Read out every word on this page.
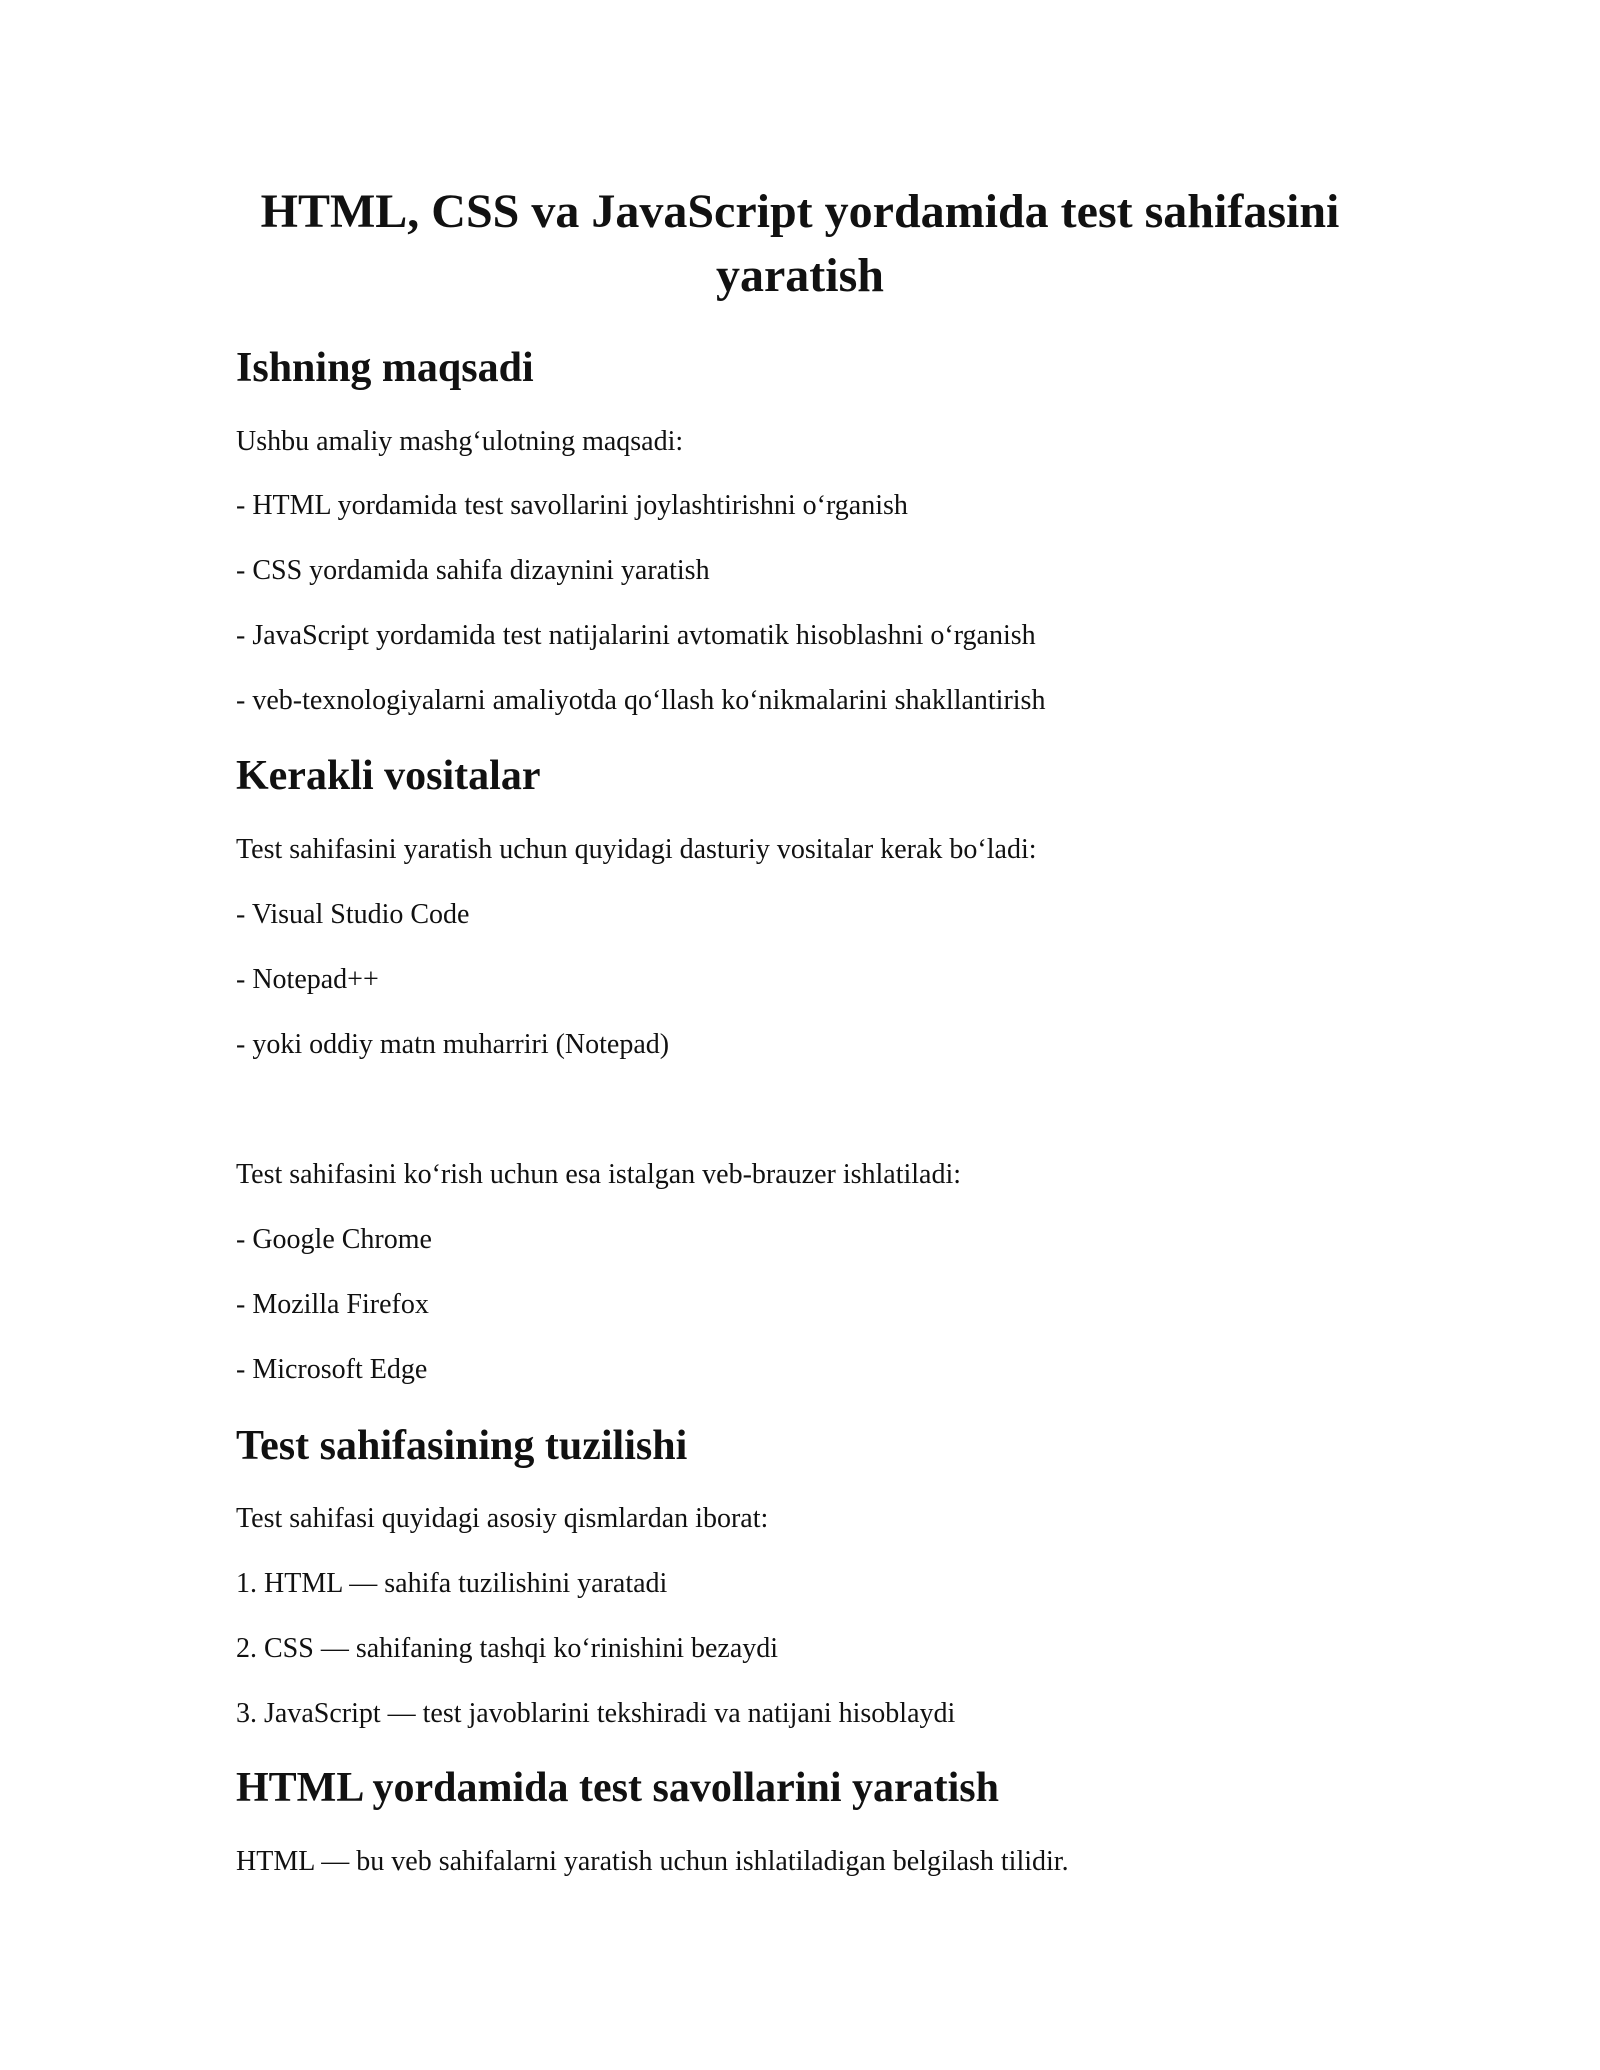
HTML, CSS va JavaScript yordamida test sahifasini yaratish
Ishning maqsadi

Ushbu amaliy mashg‘ulotning maqsadi:

- HTML yordamida test savollarini joylashtirishni o‘rganish

- CSS yordamida sahifa dizaynini yaratish

- JavaScript yordamida test natijalarini avtomatik hisoblashni o‘rganish

- veb-texnologiyalarni amaliyotda qo‘llash ko‘nikmalarini shakllantirish

Kerakli vositalar

Test sahifasini yaratish uchun quyidagi dasturiy vositalar kerak bo‘ladi:

- Visual Studio Code

- Notepad++

- yoki oddiy matn muharriri (Notepad)

Test sahifasini ko‘rish uchun esa istalgan veb-brauzer ishlatiladi:

- Google Chrome

- Mozilla Firefox

- Microsoft Edge

Test sahifasining tuzilishi

Test sahifasi quyidagi asosiy qismlardan iborat:

1. HTML — sahifa tuzilishini yaratadi

2. CSS — sahifaning tashqi ko‘rinishini bezaydi

3. JavaScript — test javoblarini tekshiradi va natijani hisoblaydi

HTML yordamida test savollarini yaratish

HTML — bu veb sahifalarni yaratish uchun ishlatiladigan belgilash tilidir.
